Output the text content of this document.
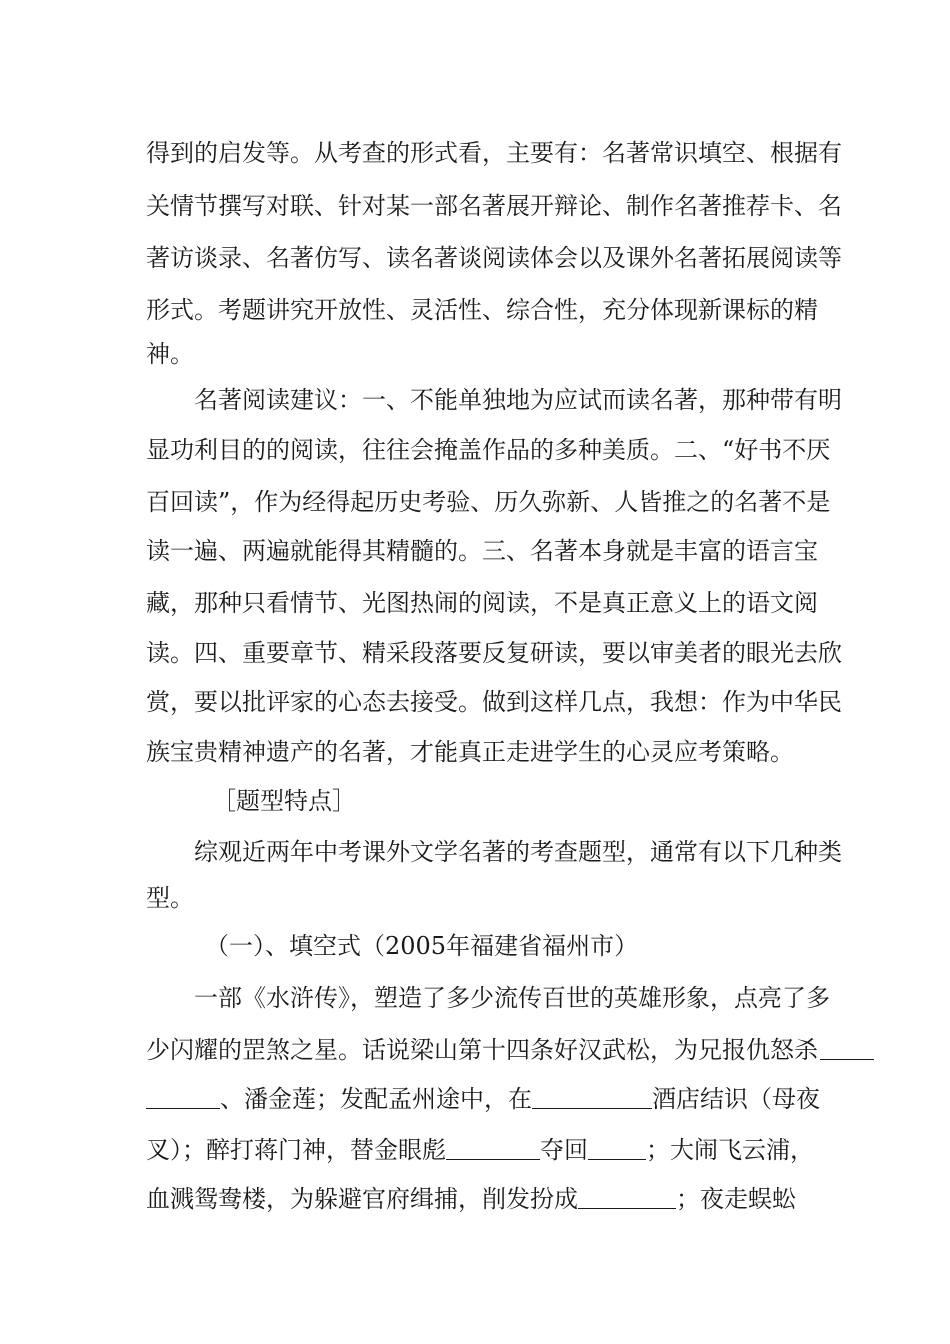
得到的启发等。从考查的形式看，主要有：名著常识填空、根据有
关情节撰写对联、针对某一部名著展开辩论、制作名著推荐卡、名
著访谈录、名著仿写、读名著谈阅读体会以及课外名著拓展阅读等
形式。考题讲究开放性、灵活性、综合性，充分体现新课标的精
神。
名著阅读建议：一、不能单独地为应试而读名著，那种带有明
显功利目的的阅读，往往会掩盖作品的多种美质。二、“好书不厌
百回读”，作为经得起历史考验、历久弥新、人皆推之的名著不是
读一遍、两遍就能得其精髓的。三、名著本身就是丰富的语言宝
藏，那种只看情节、光图热闹的阅读，不是真正意义上的语文阅
读。四、重要章节、精采段落要反复研读，要以审美者的眼光去欣
赏，要以批评家的心态去接受。做到这样几点，我想：作为中华民
族宝贵精神遗产的名著，才能真正走进学生的心灵应考策略。
［题型特点］
综观近两年中考课外文学名著的考查题型，通常有以下几种类
型。
（一）、填空式（2005年福建省福州市）
一部《水浒传》，塑造了多少流传百世的英雄形象，点亮了多
少闪耀的罡煞之星。话说梁山第十四条好汉武松，为兄报仇怒杀
、潘金莲；发配孟州途中，在	酒店结识（母夜
叉）；醉打蒋门神，替金眼彪	夺回 ；大闹飞云浦，
血溅鸳鸯楼，为躲避官府缉捕，削发扮成	；夜走蜈蚣
